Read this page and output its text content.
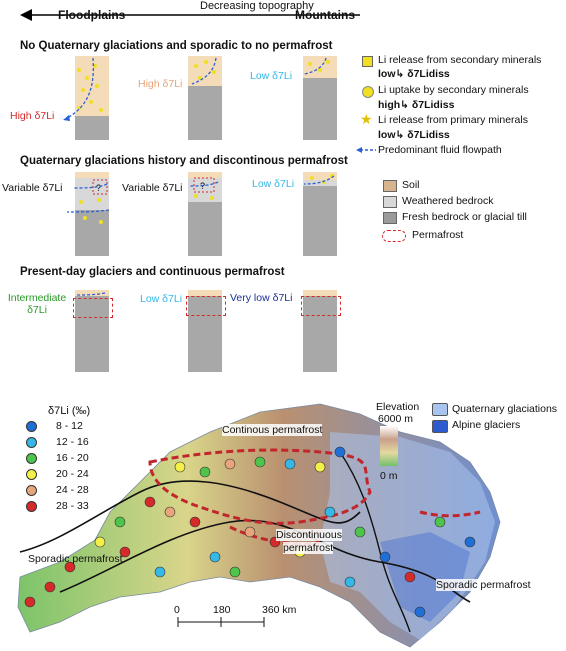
Floodplains
Decreasing topography
Mountains
No Quaternary glaciations and sporadic to no permafrost
High δ7Li
High δ7Li
Low δ7Li
Quaternary glaciations history and discontinous permafrost
?
Variable δ7Li	?
Variable δ7Li	Low δ7Li
Present-day glaciers and continuous permafrost
Intermediate δ7Li
Low δ7Li	Very low δ7Li
Li release from secondary minerals
low↳ δ7Lidiss
Li uptake by secondary minerals
high↳ δ7Lidiss
★ Li release from primary minerals
low↳ δ7Lidiss
Predominant fluid flowpath
Soil
Weathered bedrock
Fresh bedrock or glacial till
Permafrost
δ7Li (‰)
8 - 12
12 - 16
16 - 20
20 - 24
24 - 28
28 - 33
Elevation
6000 m
0 m
Quaternary glaciations
Alpine glaciers
Continous permafrost
Discontinuous
permafrost
Sporadic permafrost
Sporadic permafrost
0	180	360 km
